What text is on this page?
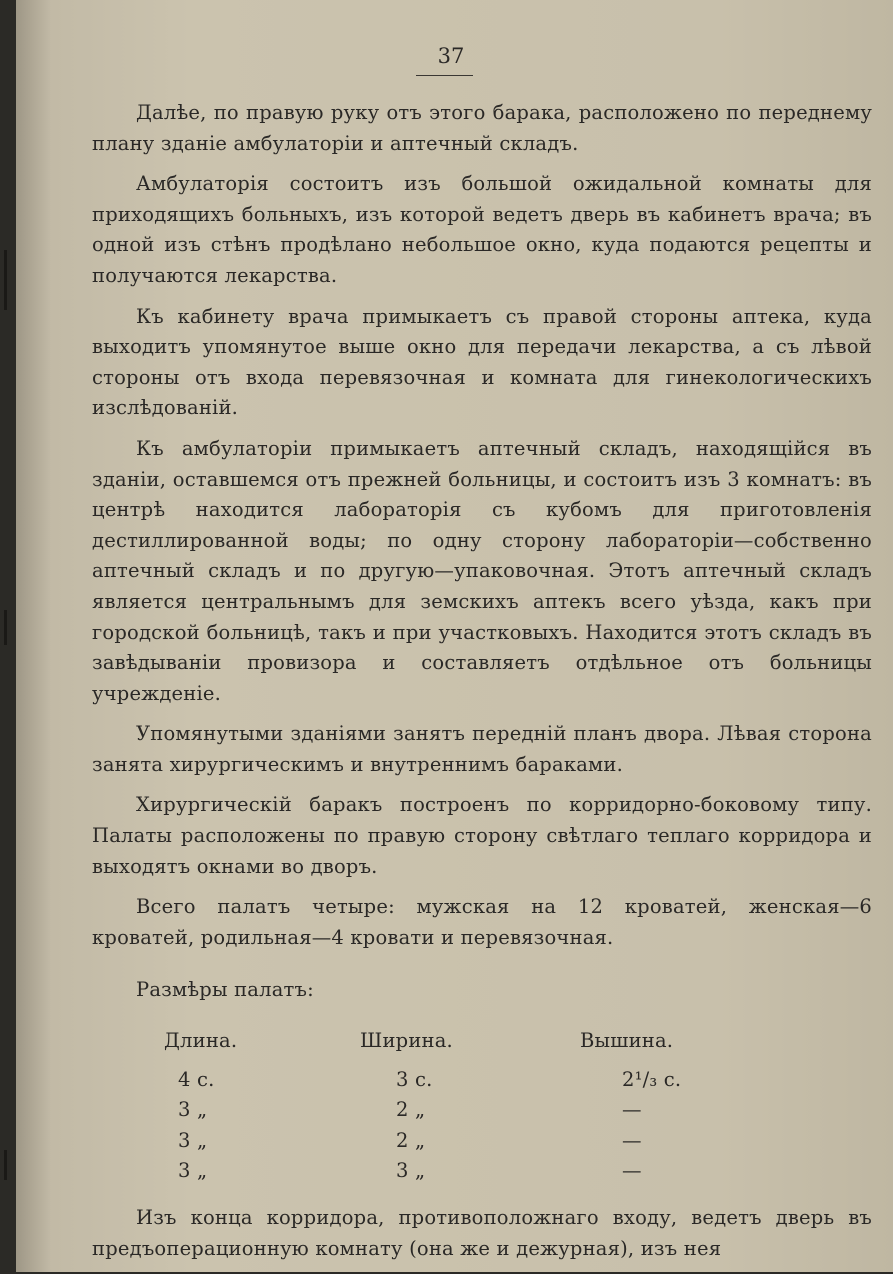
37

Далѣе, по правую руку отъ этого барака, расположено по переднему плану зданіе амбулаторіи и аптечный складъ.

Амбулаторія состоитъ изъ большой ожидальной комнаты для приходящихъ больныхъ, изъ которой ведетъ дверь въ кабинетъ врача; въ одной изъ стѣнъ продѣлано небольшое окно, куда подаются рецепты и получаются лекарства.

Къ кабинету врача примыкаетъ съ правой стороны аптека, куда выходитъ упомянутое выше окно для передачи лекарства, а съ лѣвой стороны отъ входа перевязочная и комната для гинекологическихъ изслѣдованій.

Къ амбулаторіи примыкаетъ аптечный складъ, находящійся въ зданіи, оставшемся отъ прежней больницы, и состоитъ изъ 3 комнатъ: въ центрѣ находится лабораторія съ кубомъ для приготовленія дестиллированной воды; по одну сторону лабораторіи—собственно аптечный складъ и по другую—упаковочная. Этотъ аптечный складъ является центральнымъ для земскихъ аптекъ всего уѣзда, какъ при городской больницѣ, такъ и при участковыхъ. Находится этотъ складъ въ завѣдываніи провизора и составляетъ отдѣльное отъ больницы учрежденіе.

Упомянутыми зданіями занятъ передній планъ двора. Лѣвая сторона занята хирургическимъ и внутреннимъ бараками.

Хирургическій баракъ построенъ по корридорно-боковому типу. Палаты расположены по правую сторону свѣтлаго теплаго корридора и выходятъ окнами во дворъ.

Всего палатъ четыре: мужская на 12 кроватей, женская—6 кроватей, родильная—4 кровати и перевязочная.

Размѣры палатъ:

Длина.	Ширина.	Вышина.
4 с.	3 с.	2¹/₃ с.
3 „	2 „	—
3 „	2 „	—
3 „	3 „	—

Изъ конца корридора, противоположнаго входу, ведетъ дверь въ предъоперационную комнату (она же и дежурная), изъ нея
